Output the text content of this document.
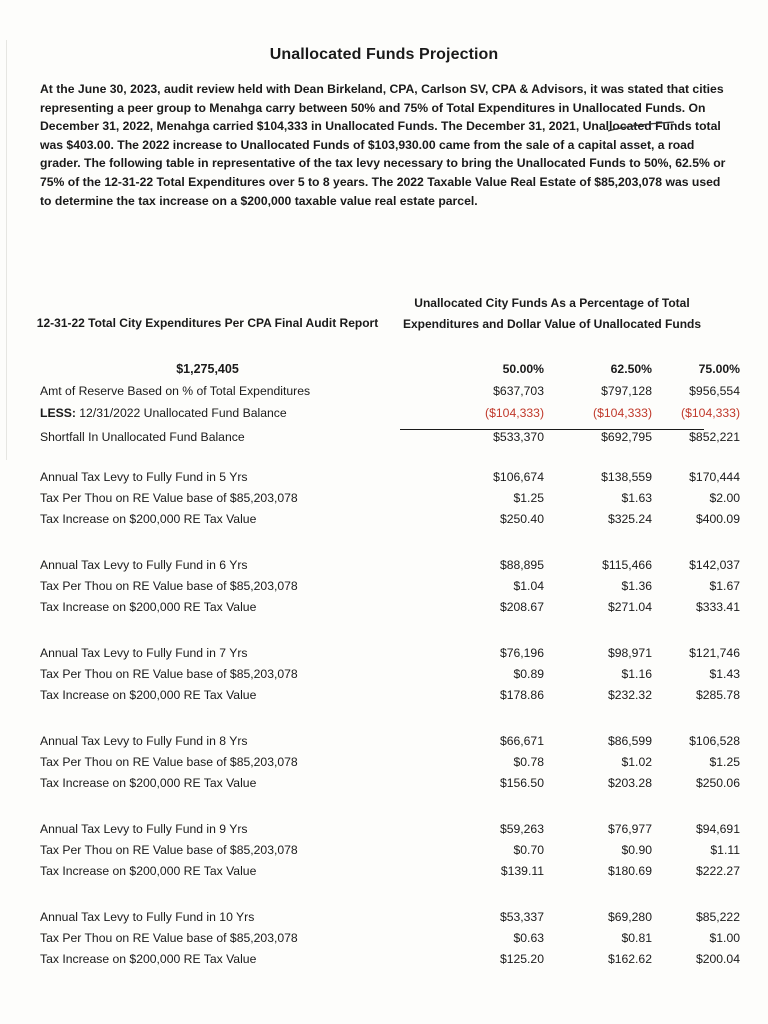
Unallocated Funds Projection
At the June 30, 2023, audit review held with Dean Birkeland, CPA, Carlson SV, CPA & Advisors, it was stated that cities representing a peer group to Menahga carry between 50% and 75% of Total Expenditures in Unallocated Funds. On December 31, 2022, Menahga carried $104,333 in Unallocated Funds. The December 31, 2021, Unallocated Funds total was $403.00. The 2022 increase to Unallocated Funds of $103,930.00 came from the sale of a capital asset, a road grader. The following table in representative of the tax levy necessary to bring the Unallocated Funds to 50%, 62.5% or 75% of the 12-31-22 Total Expenditures over 5 to 8 years. The 2022 Taxable Value Real Estate of $85,203,078 was used to determine the tax increase on a $200,000 taxable value real estate parcel.
12-31-22 Total City Expenditures Per CPA Final Audit Report
Unallocated City Funds As a Percentage of Total Expenditures and Dollar Value of Unallocated Funds
$1,275,405	50.00%	62.50%	75.00%
Amt of Reserve Based on % of Total Expenditures	$637,703	$797,128	$956,554
LESS: 12/31/2022 Unallocated Fund Balance	($104,333)	($104,333)	($104,333)
Shortfall In Unallocated Fund Balance	$533,370	$692,795	$852,221
Annual Tax Levy to Fully Fund in 5 Yrs	$106,674	$138,559	$170,444
Tax Per Thou on RE Value base of $85,203,078	$1.25	$1.63	$2.00
Tax Increase on $200,000 RE Tax Value	$250.40	$325.24	$400.09
Annual Tax Levy to Fully Fund in 6 Yrs	$88,895	$115,466	$142,037
Tax Per Thou on RE Value base of $85,203,078	$1.04	$1.36	$1.67
Tax Increase on $200,000 RE Tax Value	$208.67	$271.04	$333.41
Annual Tax Levy to Fully Fund in 7 Yrs	$76,196	$98,971	$121,746
Tax Per Thou on RE Value base of $85,203,078	$0.89	$1.16	$1.43
Tax Increase on $200,000 RE Tax Value	$178.86	$232.32	$285.78
Annual Tax Levy to Fully Fund in 8 Yrs	$66,671	$86,599	$106,528
Tax Per Thou on RE Value base of $85,203,078	$0.78	$1.02	$1.25
Tax Increase on $200,000 RE Tax Value	$156.50	$203.28	$250.06
Annual Tax Levy to Fully Fund in 9 Yrs	$59,263	$76,977	$94,691
Tax Per Thou on RE Value base of $85,203,078	$0.70	$0.90	$1.11
Tax Increase on $200,000 RE Tax Value	$139.11	$180.69	$222.27
Annual Tax Levy to Fully Fund in 10 Yrs	$53,337	$69,280	$85,222
Tax Per Thou on RE Value base of $85,203,078	$0.63	$0.81	$1.00
Tax Increase on $200,000 RE Tax Value	$125.20	$162.62	$200.04
